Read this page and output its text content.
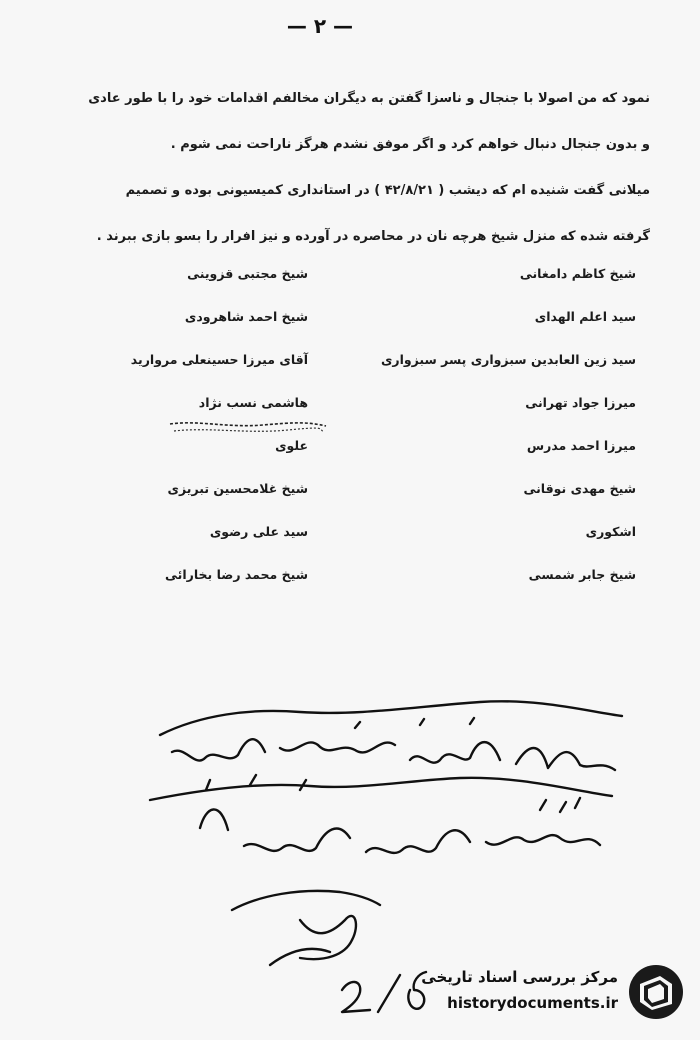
— ۲ —
نمود که من اصولا با جنجال و ناسزا گفتن به دیگران مخالفم اقدامات خود را با طور عادی
و بدون جنجال دنبال خواهم کرد و اگر موفق نشدم هرگز ناراحت نمی شوم .
میلانی گفت شنیده ام که دیشب ( ۴۲/۸/۲۱ ) در استانداری کمیسیونی بوده و تصمیم
گرفته شده که منزل شیخ هرچه نان در محاصره در آورده و نیز افرار را بسو بازی ببرند .
شیخ کاظم دامغانی
شیخ مجتبی قزوینی
سید اعلم الهدای
شیخ احمد شاهرودی
سید زین العابدین سبزواری پسر سبزواری
آقای میرزا حسینعلی مروارید
میرزا جواد تهرانی
هاشمی نسب نژاد
میرزا احمد مدرس
علوی
شیخ مهدی نوقانی
شیخ غلامحسین تبریزی
اشکوری
سید علی رضوی
شیخ جابر شمسی
شیخ محمد رضا بخارائی
مرکز بررسی اسناد تاریخی
historydocuments.ir
